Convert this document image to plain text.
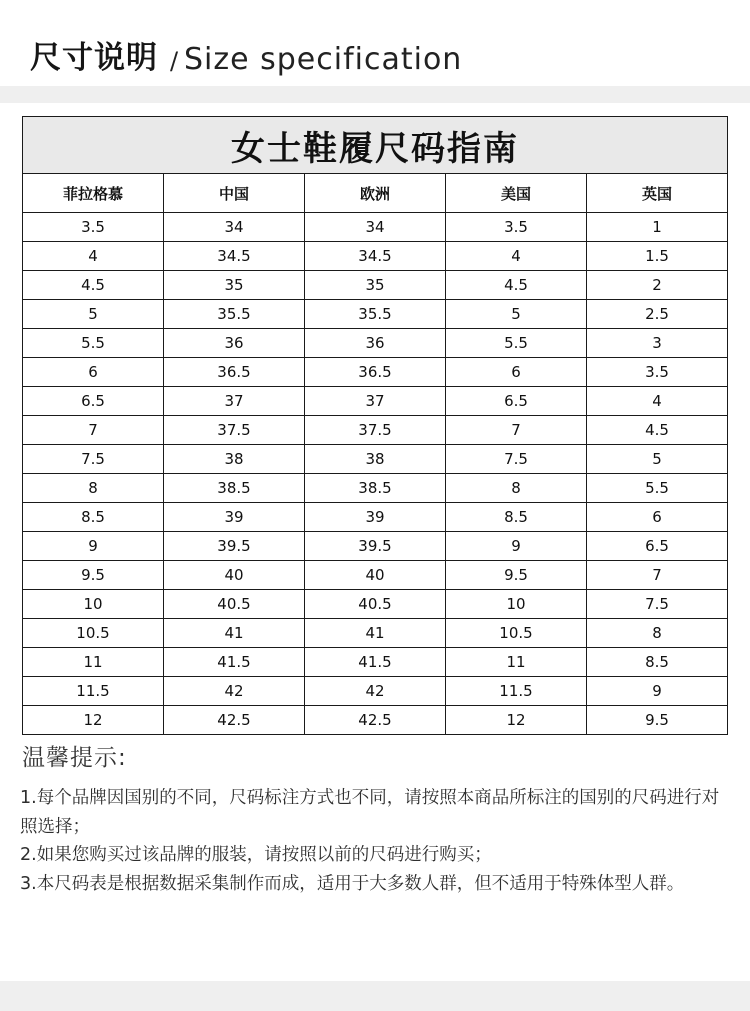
尺寸说明 / Size specification
女士鞋履尺码指南				
菲拉格慕	中国	欧洲	美国	英国
3.5	34	34	3.5	1
4	34.5	34.5	4	1.5
4.5	35	35	4.5	2
5	35.5	35.5	5	2.5
5.5	36	36	5.5	3
6	36.5	36.5	6	3.5
6.5	37	37	6.5	4
7	37.5	37.5	7	4.5
7.5	38	38	7.5	5
8	38.5	38.5	8	5.5
8.5	39	39	8.5	6
9	39.5	39.5	9	6.5
9.5	40	40	9.5	7
10	40.5	40.5	10	7.5
10.5	41	41	10.5	8
11	41.5	41.5	11	8.5
11.5	42	42	11.5	9
12	42.5	42.5	12	9.5
温馨提示:

1.每个品牌因国别的不同，尺码标注方式也不同，请按照本商品所标注的国别的尺码进行对照选择；

2.如果您购买过该品牌的服装，请按照以前的尺码进行购买；

3.本尺码表是根据数据采集制作而成，适用于大多数人群，但不适用于特殊体型人群。
